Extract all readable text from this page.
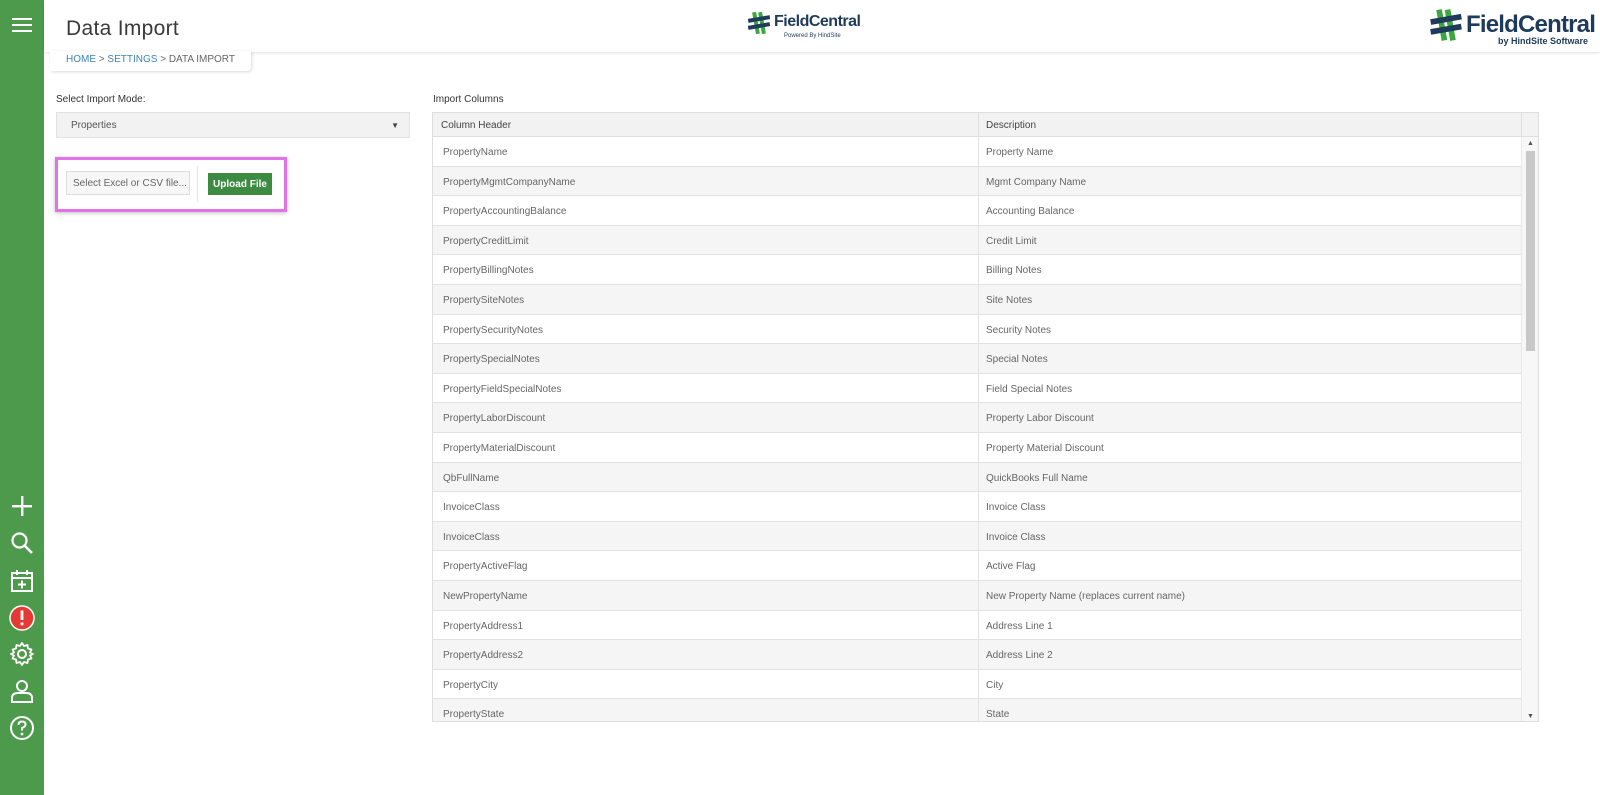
Data Import	FieldCentral
Powered By HindSite	FieldCentral
by HindSite Software
HOME > SETTINGS > DATA IMPORT
Select Import Mode:
Properties	▼
Select Excel or CSV file...	Upload File
Import Columns
Column Header	Description
PropertyName	Property Name
PropertyMgmtCompanyName	Mgmt Company Name
PropertyAccountingBalance	Accounting Balance
PropertyCreditLimit	Credit Limit
PropertyBillingNotes	Billing Notes
PropertySiteNotes	Site Notes
PropertySecurityNotes	Security Notes
PropertySpecialNotes	Special Notes
PropertyFieldSpecialNotes	Field Special Notes
PropertyLaborDiscount	Property Labor Discount
PropertyMaterialDiscount	Property Material Discount
QbFullName	QuickBooks Full Name
InvoiceClass	Invoice Class
InvoiceClass	Invoice Class
PropertyActiveFlag	Active Flag
NewPropertyName	New Property Name (replaces current name)
PropertyAddress1	Address Line 1
PropertyAddress2	Address Line 2
PropertyCity	City
PropertyState	State
▲
▼
